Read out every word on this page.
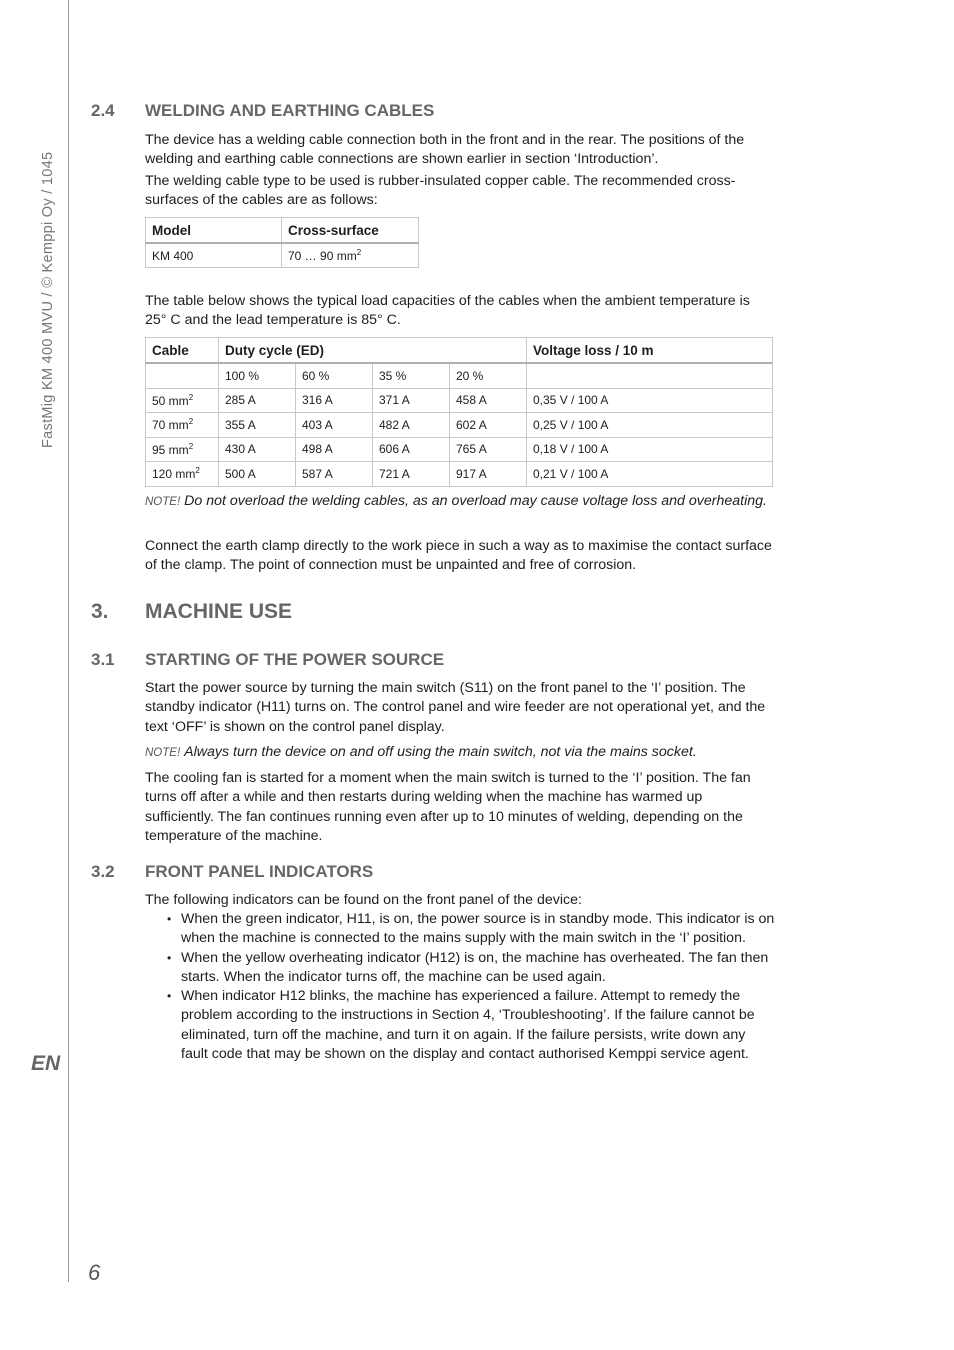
FastMig KM 400 MVU / © Kemppi Oy / 1045
EN
6
2.4 WELDING AND EARTHING CABLES

The device has a welding cable connection both in the front and in the rear. The positions of the welding and earthing cable connections are shown earlier in section ‘Introduction’.

The welding cable type to be used is rubber-insulated copper cable. The recommended cross-surfaces of the cables are as follows:

Model	Cross-surface
KM 400	70 … 90 $mm^2$

The table below shows the typical load capacities of the cables when the ambient temperature is 25° C and the lead temperature is 85° C.

Cable	Duty cycle (ED)				Voltage loss / 10 m
	100 %	60 %	35 %	20 %	
50 $mm^2$	285 A	316 A	371 A	458 A	0,35 V / 100 A
70 $mm^2$	355 A	403 A	482 A	602 A	0,25 V / 100 A
95 $mm^2$	430 A	498 A	606 A	765 A	0,18 V / 100 A
120 $mm^2$	500 A	587 A	721 A	917 A	0,21 V / 100 A

NOTE! Do not overload the welding cables, as an overload may cause voltage loss and overheating.

Connect the earth clamp directly to the work piece in such a way as to maximise the contact surface of the clamp. The point of connection must be unpainted and free of corrosion.

3. MACHINE USE
3.1 STARTING OF THE POWER SOURCE

Start the power source by turning the main switch (S11) on the front panel to the ‘I’ position. The standby indicator (H11) turns on. The control panel and wire feeder are not operational yet, and the text ‘OFF’ is shown on the control panel display.

NOTE! Always turn the device on and off using the main switch, not via the mains socket.

The cooling fan is started for a moment when the main switch is turned to the ‘I’ position. The fan turns off after a while and then restarts during welding when the machine has warmed up sufficiently. The fan continues running even after up to 10 minutes of welding, depending on the temperature of the machine.

3.2 FRONT PANEL INDICATORS

The following indicators can be found on the front panel of the device:

• When the green indicator, H11, is on, the power source is in standby mode. This indicator is on when the machine is connected to the mains supply with the main switch in the ‘I’ position.
• When the yellow overheating indicator (H12) is on, the machine has overheated. The fan then starts. When the indicator turns off, the machine can be used again.
• When indicator H12 blinks, the machine has experienced a failure. Attempt to remedy the problem according to the instructions in Section 4, ‘Troubleshooting’. If the failure cannot be eliminated, turn off the machine, and turn it on again. If the failure persists, write down any fault code that may be shown on the display and contact authorised Kemppi service agent.
